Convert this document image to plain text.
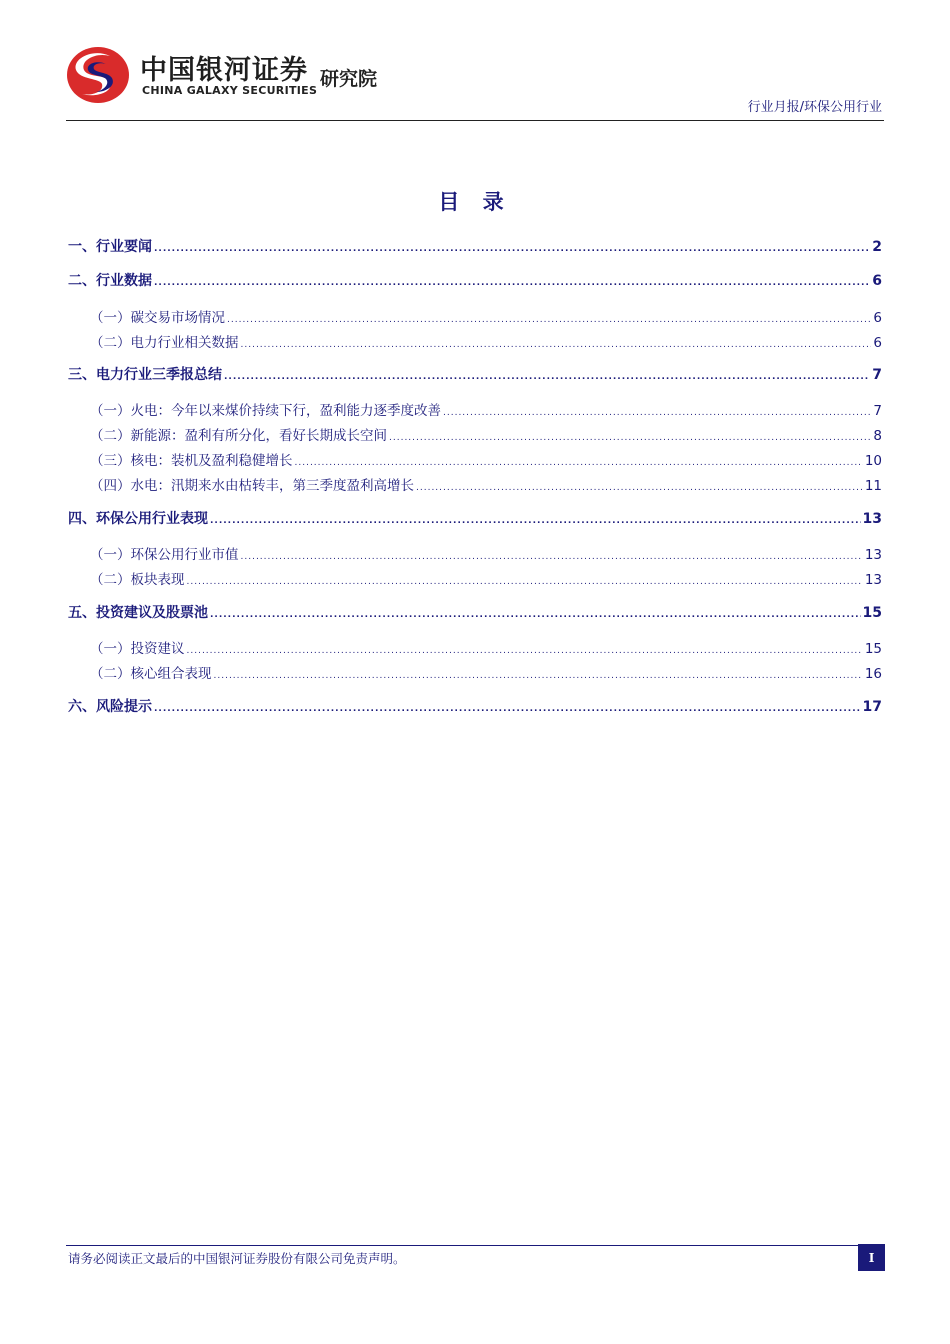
中国银河证券
CHINA GALAXY SECURITIES
研究院
行业月报/环保公用行业
目 录
一、行业要闻 .....	2
二、行业数据 .....	6
（一）碳交易市场情况 .....	6
（二）电力行业相关数据 .....	6
三、电力行业三季报总结 .....	7
（一）火电：今年以来煤价持续下行，盈利能力逐季度改善 .....	7
（二）新能源：盈利有所分化，看好长期成长空间 .....	8
（三）核电：装机及盈利稳健增长 .....	10
（四）水电：汛期来水由枯转丰，第三季度盈利高增长 .....	11
四、环保公用行业表现 .....	13
（一）环保公用行业市值 .....	13
（二）板块表现 .....	13
五、投资建议及股票池 .....	15
（一）投资建议 .....	15
（二）核心组合表现 .....	16
六、风险提示 .....	17
请务必阅读正文最后的中国银河证券股份有限公司免责声明。	I
